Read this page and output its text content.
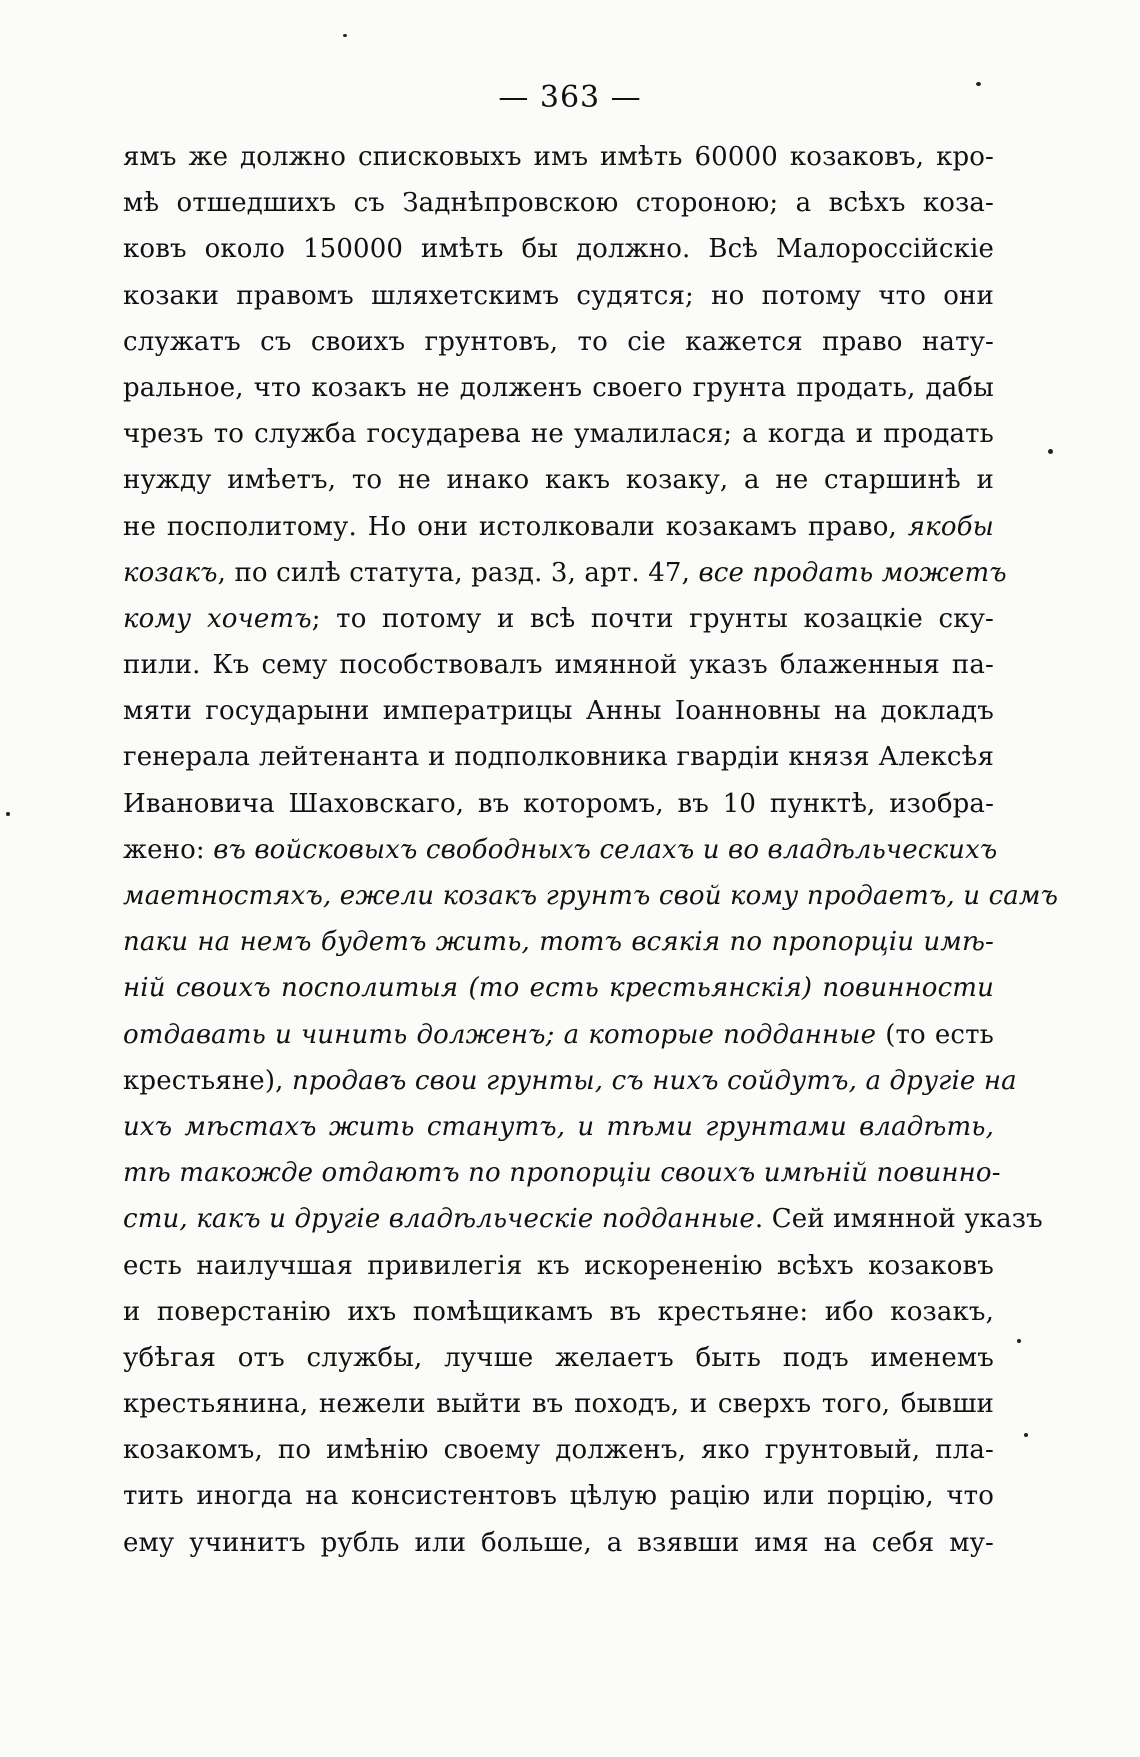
— 363 —
ямъ же должно списковыхъ имъ имѣть 60000 козаковъ, кро-
мѣ отшедшихъ съ Заднѣпровскою стороною; а всѣхъ коза-
ковъ около 150000 имѣть бы должно. Всѣ Малороссійскіе
козаки правомъ шляхетскимъ судятся; но потому что они
служатъ съ своихъ грунтовъ, то сіе кажется право нату-
ральное, что козакъ не долженъ своего грунта продать, дабы
чрезъ то служба государева не умалилася; а когда и продать
нужду имѣетъ, то не инако какъ козаку, а не старшинѣ и
не посполитому. Но они истолковали козакамъ право, якобы
козакъ, по силѣ статута, разд. 3, арт. 47, все продать можетъ
кому хочетъ; то потому и всѣ почти грунты козацкіе ску-
пили. Къ сему пособствовалъ имянной указъ блаженныя па-
мяти государыни императрицы Анны Іоанновны на докладъ
генерала лейтенанта и подполковника гвардіи князя Алексѣя
Ивановича Шаховскаго, въ которомъ, въ 10 пунктѣ, изобра-
жено: въ войсковыхъ свободныхъ селахъ и во владѣльческихъ
маетностяхъ, ежели козакъ грунтъ свой кому продаетъ, и самъ
паки на немъ будетъ жить, тотъ всякія по пропорціи имѣ-
ній своихъ посполитыя (то есть крестьянскія) повинности
отдавать и чинить долженъ; а которые подданные (то есть
крестьяне), продавъ свои грунты, съ нихъ сойдутъ, а другіе на
ихъ мѣстахъ жить станутъ, и тѣми грунтами владѣть,
тѣ такожде отдаютъ по пропорціи своихъ имѣній повинно-
сти, какъ и другіе владѣльческіе подданные. Сей имянной указъ
есть наилучшая привилегія къ искорененію всѣхъ козаковъ
и поверстанію ихъ помѣщикамъ въ крестьяне: ибо козакъ,
убѣгая отъ службы, лучше желаетъ быть подъ именемъ
крестьянина, нежели выйти въ походъ, и сверхъ того, бывши
козакомъ, по имѣнію своему долженъ, яко грунтовый, пла-
тить иногда на консистентовъ цѣлую рацію или порцію, что
ему учинитъ рубль или больше, а взявши имя на себя му-
